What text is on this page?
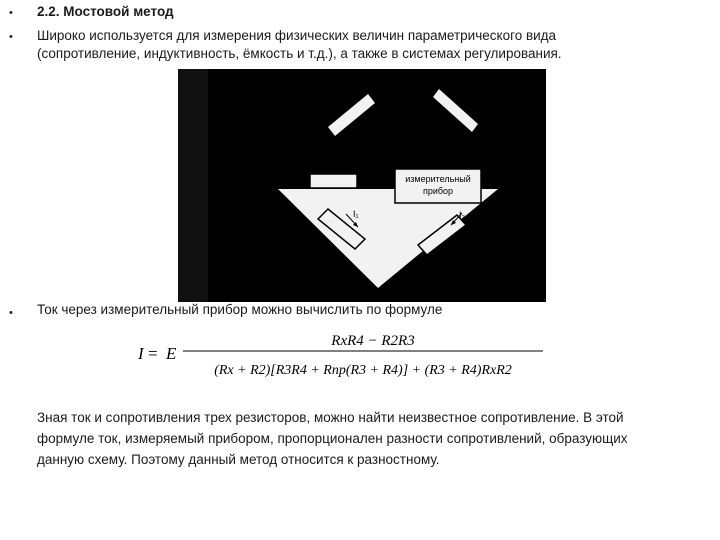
• 2.2. Мостовой метод
• Широко используется для измерения физических величин параметрического вида
(сопротивление, индуктивность, ёмкость и т.д.), а также в системах регулирования.
измерительный
прибор
I₁	I₂
• Ток через измерительный прибор можно вычислить по формуле
I = E
RxR4 − R2R3
(Rx + R2)[R3R4 + Rпр(R3 + R4)] + (R3 + R4)RxR2
Зная ток и сопротивления трех резисторов, можно найти неизвестное сопротивление. В этой
формуле ток, измеряемый прибором, пропорционален разности сопротивлений, образующих
данную схему. Поэтому данный метод относится к разностному.
